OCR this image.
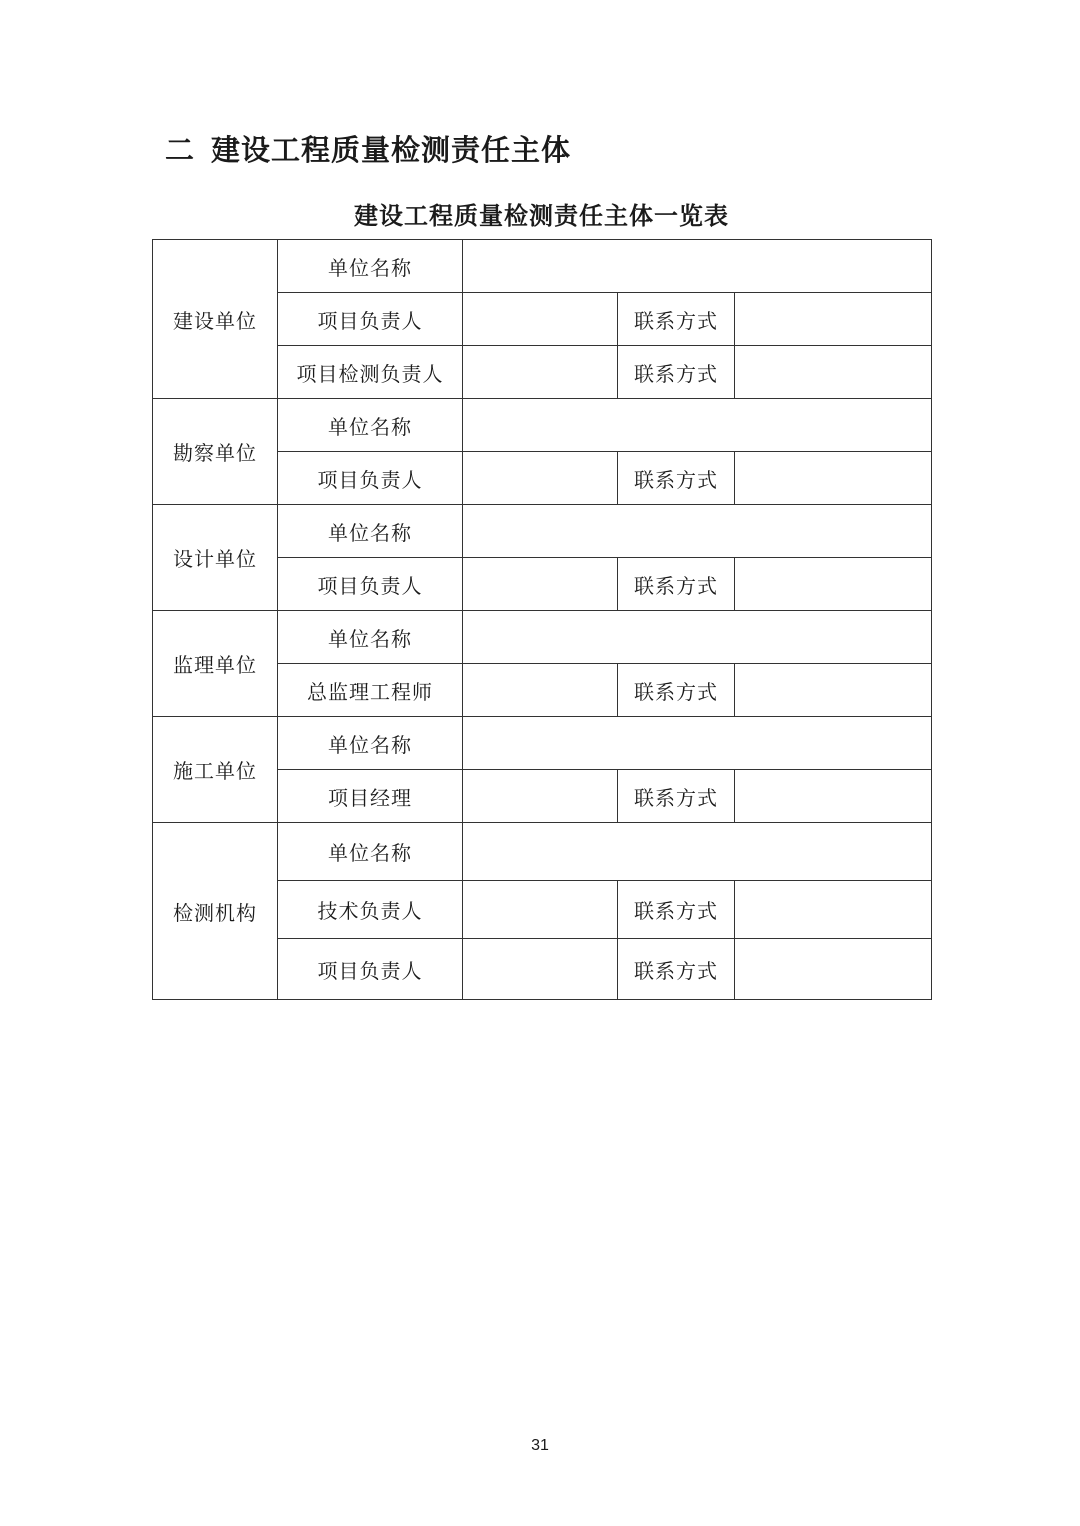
二 建设工程质量检测责任主体
建设工程质量检测责任主体一览表
建设单位	单位名称			
	项目负责人		联系方式	
	项目检测负责人		联系方式	
勘察单位	单位名称			
	项目负责人		联系方式	
设计单位	单位名称			
	项目负责人		联系方式	
监理单位	单位名称			
	总监理工程师		联系方式	
施工单位	单位名称			
	项目经理		联系方式	
检测机构	单位名称			
	技术负责人		联系方式	
	项目负责人		联系方式	
31
